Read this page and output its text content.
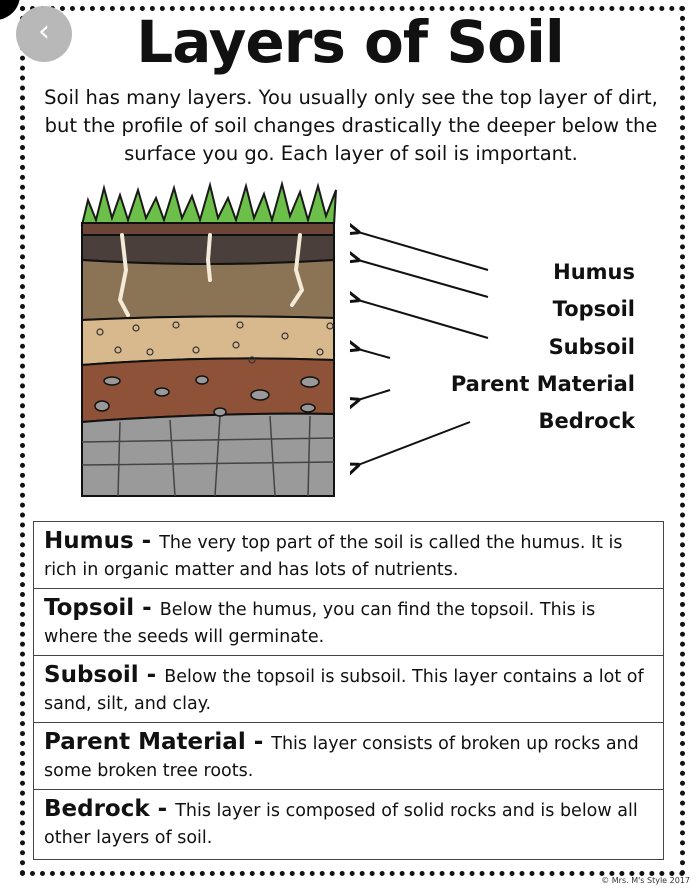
‹	Layers of Soil
Soil has many layers. You usually only see the top layer of dirt, but the profile of soil changes drastically the deeper below the surface you go. Each layer of soil is important.
Humus
Topsoil
Subsoil
Parent Material
Bedrock
Humus - The very top part of the soil is called the humus. It is rich in organic matter and has lots of nutrients.
Topsoil - Below the humus, you can find the topsoil. This is where the seeds will germinate.
Subsoil - Below the topsoil is subsoil. This layer contains a lot of sand, silt, and clay.
Parent Material - This layer consists of broken up rocks and some broken tree roots.
Bedrock - This layer is composed of solid rocks and is below all other layers of soil.
© Mrs. M's Style 2017
